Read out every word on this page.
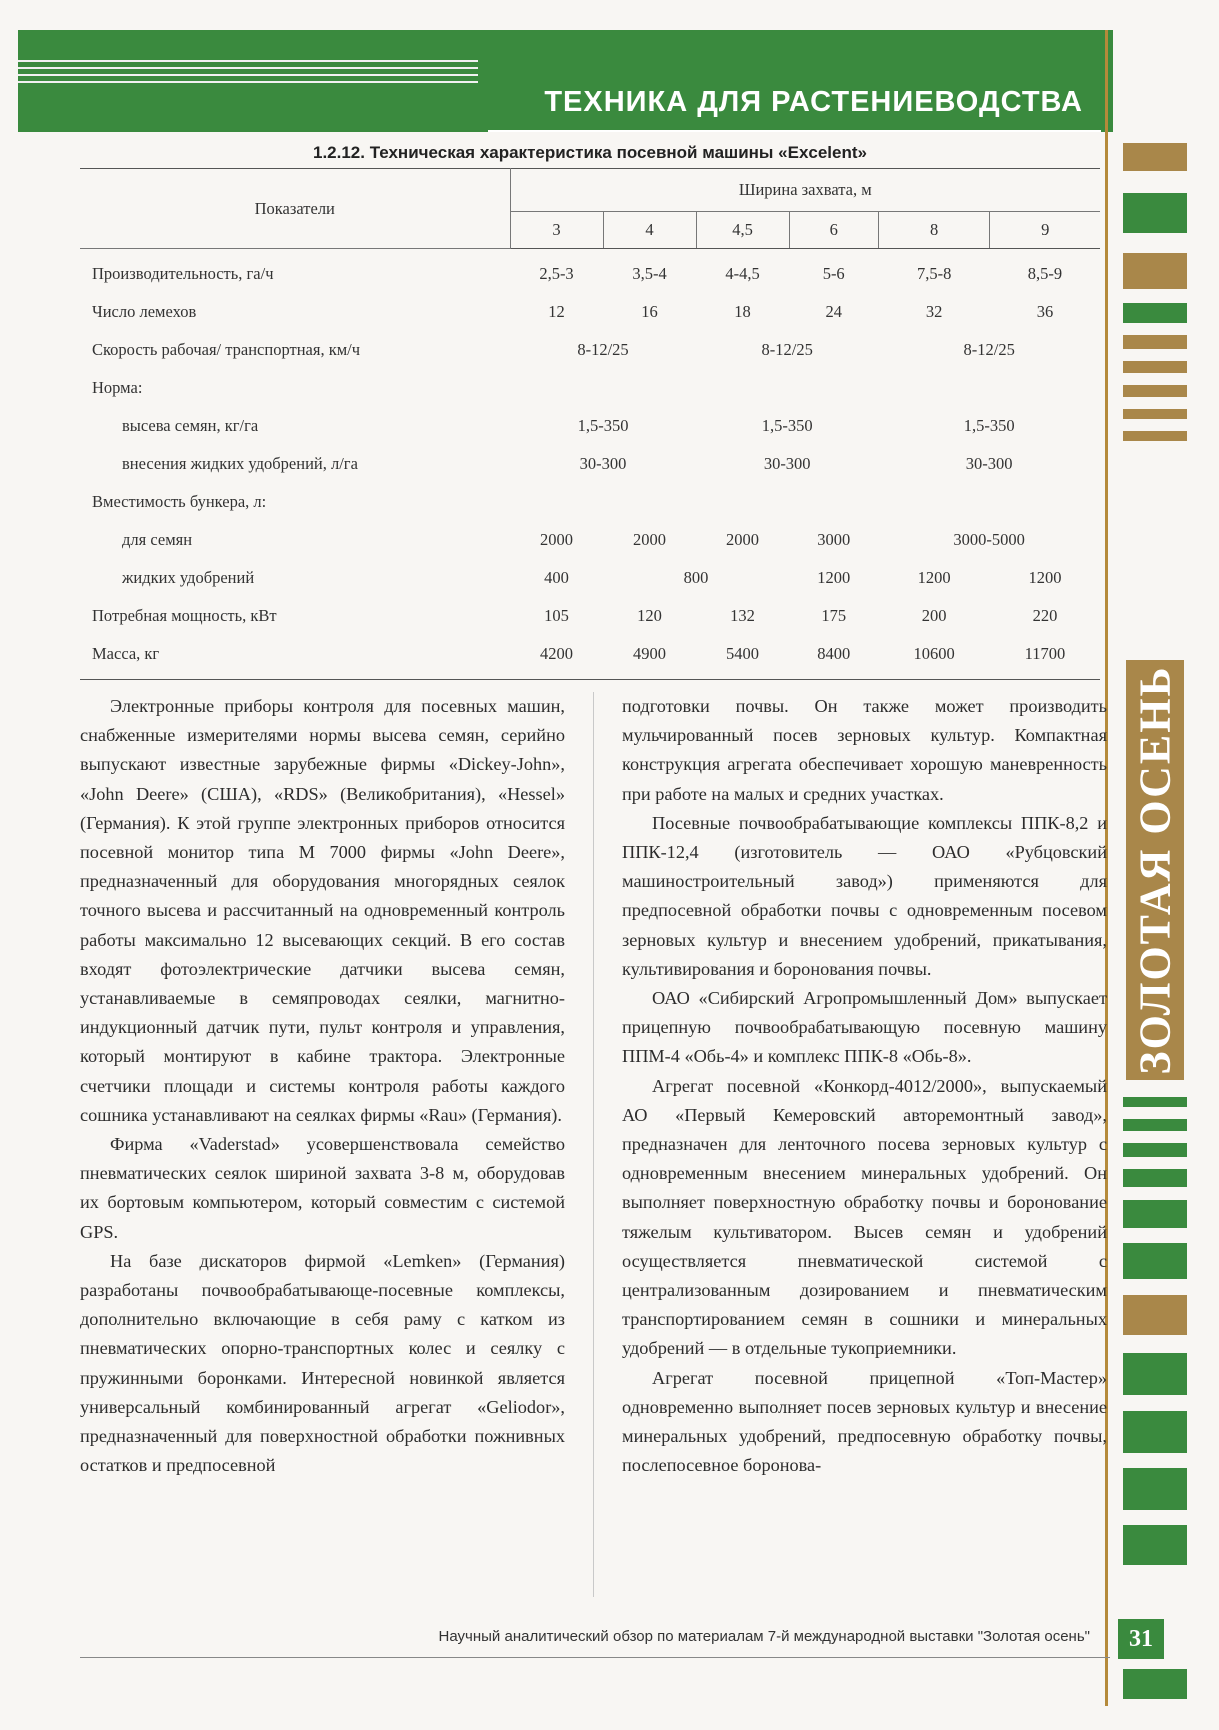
ТЕХНИКА ДЛЯ РАСТЕНИЕВОДСТВА
ЗОЛОТАЯ ОСЕНЬ
1.2.12. Техническая характеристика посевной машины «Excelent»
Показатели	Ширина захвата, м					
	3	4	4,5	6	8	9
Производительность, га/ч	2,5-3	3,5-4	4-4,5	5-6	7,5-8	8,5-9
Число лемехов	12	16	18	24	32	36
Скорость рабочая/ транспортная, км/ч	8-12/25		8-12/25		8-12/25	
Норма:						
высева семян, кг/га	1,5-350		1,5-350		1,5-350	
внесения жидких удобрений, л/га	30-300		30-300		30-300	
Вместимость бункера, л:						
для семян	2000	2000	2000	3000	3000-5000	
жидких удобрений	400	800		1200	1200	1200
Потребная мощность, кВт	105	120	132	175	200	220
Масса, кг	4200	4900	5400	8400	10600	11700

Электронные приборы контроля для посевных машин, снабженные измерителями нормы высева семян, серийно выпускают известные зарубежные фирмы «Dickey-John», «John Deere» (США), «RDS» (Великобритания), «Hessel» (Германия). К этой группе электронных приборов относится посевной монитор типа М 7000 фирмы «John Deere», предназначенный для оборудования многорядных сеялок точного высева и рассчитанный на одновременный контроль работы максимально 12 высевающих секций. В его состав входят фотоэлектрические датчики высева семян, устанавливаемые в семяпроводах сеялки, магнитно-индукционный датчик пути, пульт контроля и управления, который монтируют в кабине трактора. Электронные счетчики площади и системы контроля работы каждого сошника устанавливают на сеялках фирмы «Rau» (Германия).

Фирма «Vaderstad» усовершенствовала семейство пневматических сеялок шириной захвата 3-8 м, оборудовав их бортовым компьютером, который совместим с системой GPS.

На базе дискаторов фирмой «Lemken» (Германия) разработаны почвообрабатывающе-посевные комплексы, дополнительно включающие в себя раму с катком из пневматических опорно-транспортных колес и сеялку с пружинными боронками. Интересной новинкой является универсальный комбинированный агрегат «Geliodor», предназначенный для поверхностной обработки пожнивных остатков и предпосевной

подготовки почвы. Он также может производить мульчированный посев зерновых культур. Компактная конструкция агрегата обеспечивает хорошую маневренность при работе на малых и средних участках.

Посевные почвообрабатывающие комплексы ППК-8,2 и ППК-12,4 (изготовитель — ОАО «Рубцовский машиностроительный завод») применяются для предпосевной обработки почвы с одновременным посевом зерновых культур и внесением удобрений, прикатывания, культивирования и боронования почвы.

ОАО «Сибирский Агропромышленный Дом» выпускает прицепную почвообрабатывающую посевную машину ППМ-4 «Обь-4» и комплекс ППК-8 «Обь-8».

Агрегат посевной «Конкорд-4012/2000», выпускаемый АО «Первый Кемеровский авторемонтный завод», предназначен для ленточного посева зерновых культур с одновременным внесением минеральных удобрений. Он выполняет поверхностную обработку почвы и боронование тяжелым культиватором. Высев семян и удобрений осуществляется пневматической системой с централизованным дозированием и пневматическим транспортированием семян в сошники и минеральных удобрений — в отдельные тукоприемники.

Агрегат посевной прицепной «Топ-Мастер» одновременно выполняет посев зерновых культур и внесение минеральных удобрений, предпосевную обработку почвы, послепосевное боронова-

Научный аналитический обзор по материалам 7-й международной выставки "Золотая осень"	31
